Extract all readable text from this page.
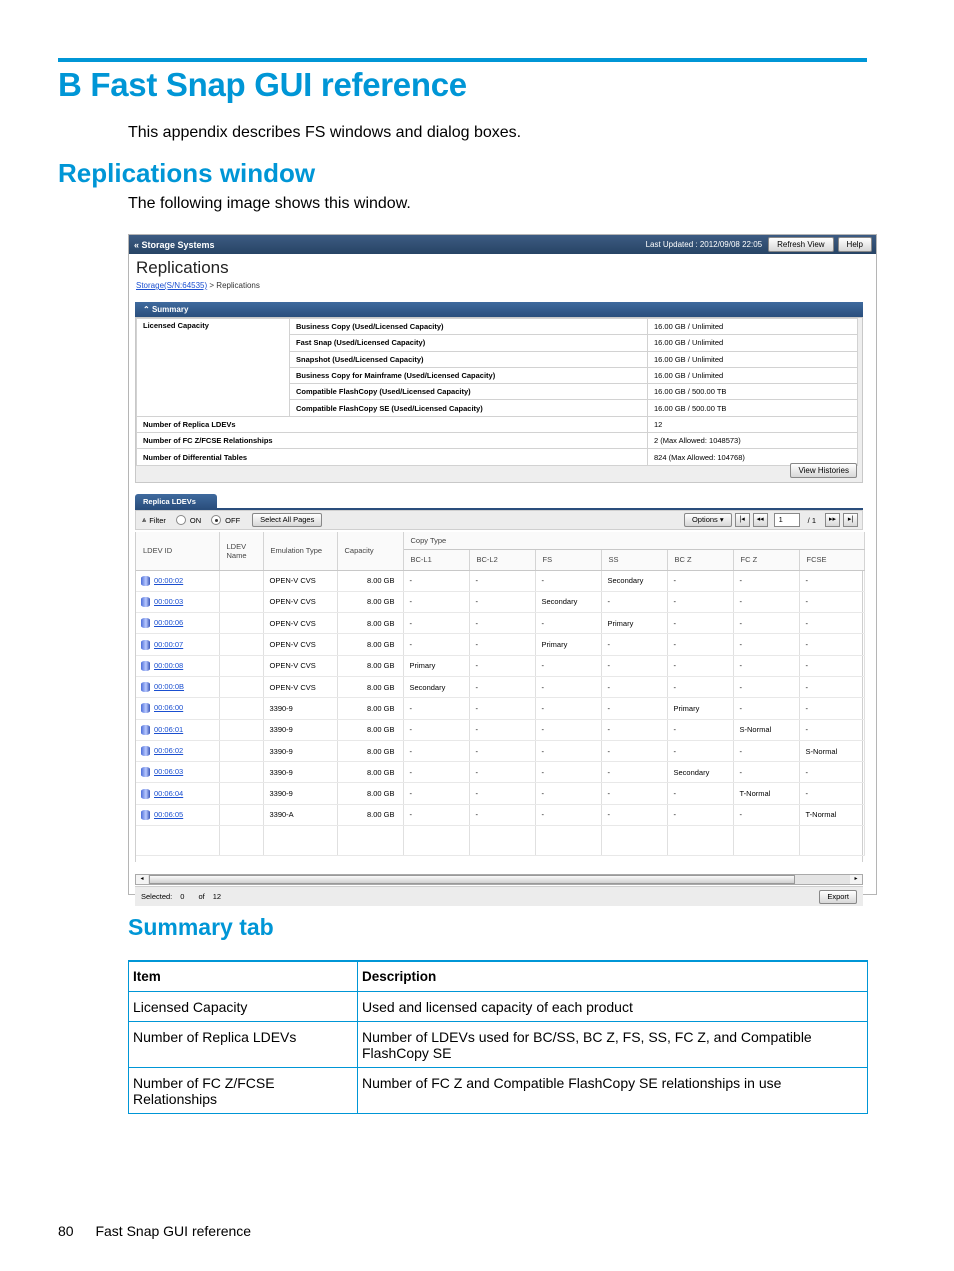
B Fast Snap GUI reference

This appendix describes FS windows and dialog boxes.

Replications window

The following image shows this window.

« Storage Systems	Last Updated : 2012/09/08 22:05	Refresh View	Help
Replications
Storage(S/N:64535) > Replications
⌃ Summary
Licensed Capacity	Business Copy (Used/Licensed Capacity)	16.00 GB / Unlimited
	Fast Snap (Used/Licensed Capacity)	16.00 GB / Unlimited
	Snapshot (Used/Licensed Capacity)	16.00 GB / Unlimited
	Business Copy for Mainframe (Used/Licensed Capacity)	16.00 GB / Unlimited
	Compatible FlashCopy (Used/Licensed Capacity)	16.00 GB / 500.00 TB
	Compatible FlashCopy SE (Used/Licensed Capacity)	16.00 GB / 500.00 TB
Number of Replica LDEVs		12
Number of FC Z/FCSE Relationships		2 (Max Allowed: 1048573)
Number of Differential Tables		824 (Max Allowed: 104768)
View Histories
Replica LDEVs
⩓ Filter	ON	OFF	Select All Pages	Options ▾	|◂	◂◂	1	/ 1	▸▸	▸|
LDEV ID	LDEV Name	Emulation Type	Capacity	Copy Type						
				BC-L1	BC-L2	FS	SS	BC Z	FC Z	FCSE
00:00:02		OPEN-V CVS	8.00 GB	-	-	-	Secondary	-	-	-
00:00:03		OPEN-V CVS	8.00 GB	-	-	Secondary	-	-	-	-
00:00:06		OPEN-V CVS	8.00 GB	-	-	-	Primary	-	-	-
00:00:07		OPEN-V CVS	8.00 GB	-	-	Primary	-	-	-	-
00:00:08		OPEN-V CVS	8.00 GB	Primary	-	-	-	-	-	-
00:00:0B		OPEN-V CVS	8.00 GB	Secondary	-	-	-	-	-	-
00:06:00		3390-9	8.00 GB	-	-	-	-	Primary	-	-
00:06:01		3390-9	8.00 GB	-	-	-	-	-	S-Normal	-
00:06:02		3390-9	8.00 GB	-	-	-	-	-	-	S-Normal
00:06:03		3390-9	8.00 GB	-	-	-	-	Secondary	-	-
00:06:04		3390-9	8.00 GB	-	-	-	-	-	T-Normal	-
00:06:05		3390-A	8.00 GB	-	-	-	-	-	-	T-Normal

◂	▸
Selected: 0 of 12	Export
Summary tab
Item	Description
Licensed Capacity	Used and licensed capacity of each product
Number of Replica LDEVs	Number of LDEVs used for BC/SS, BC Z, FS, SS, FC Z, and Compatible FlashCopy SE
Number of FC Z/FCSE Relationships	Number of FC Z and Compatible FlashCopy SE relationships in use
80 Fast Snap GUI reference
